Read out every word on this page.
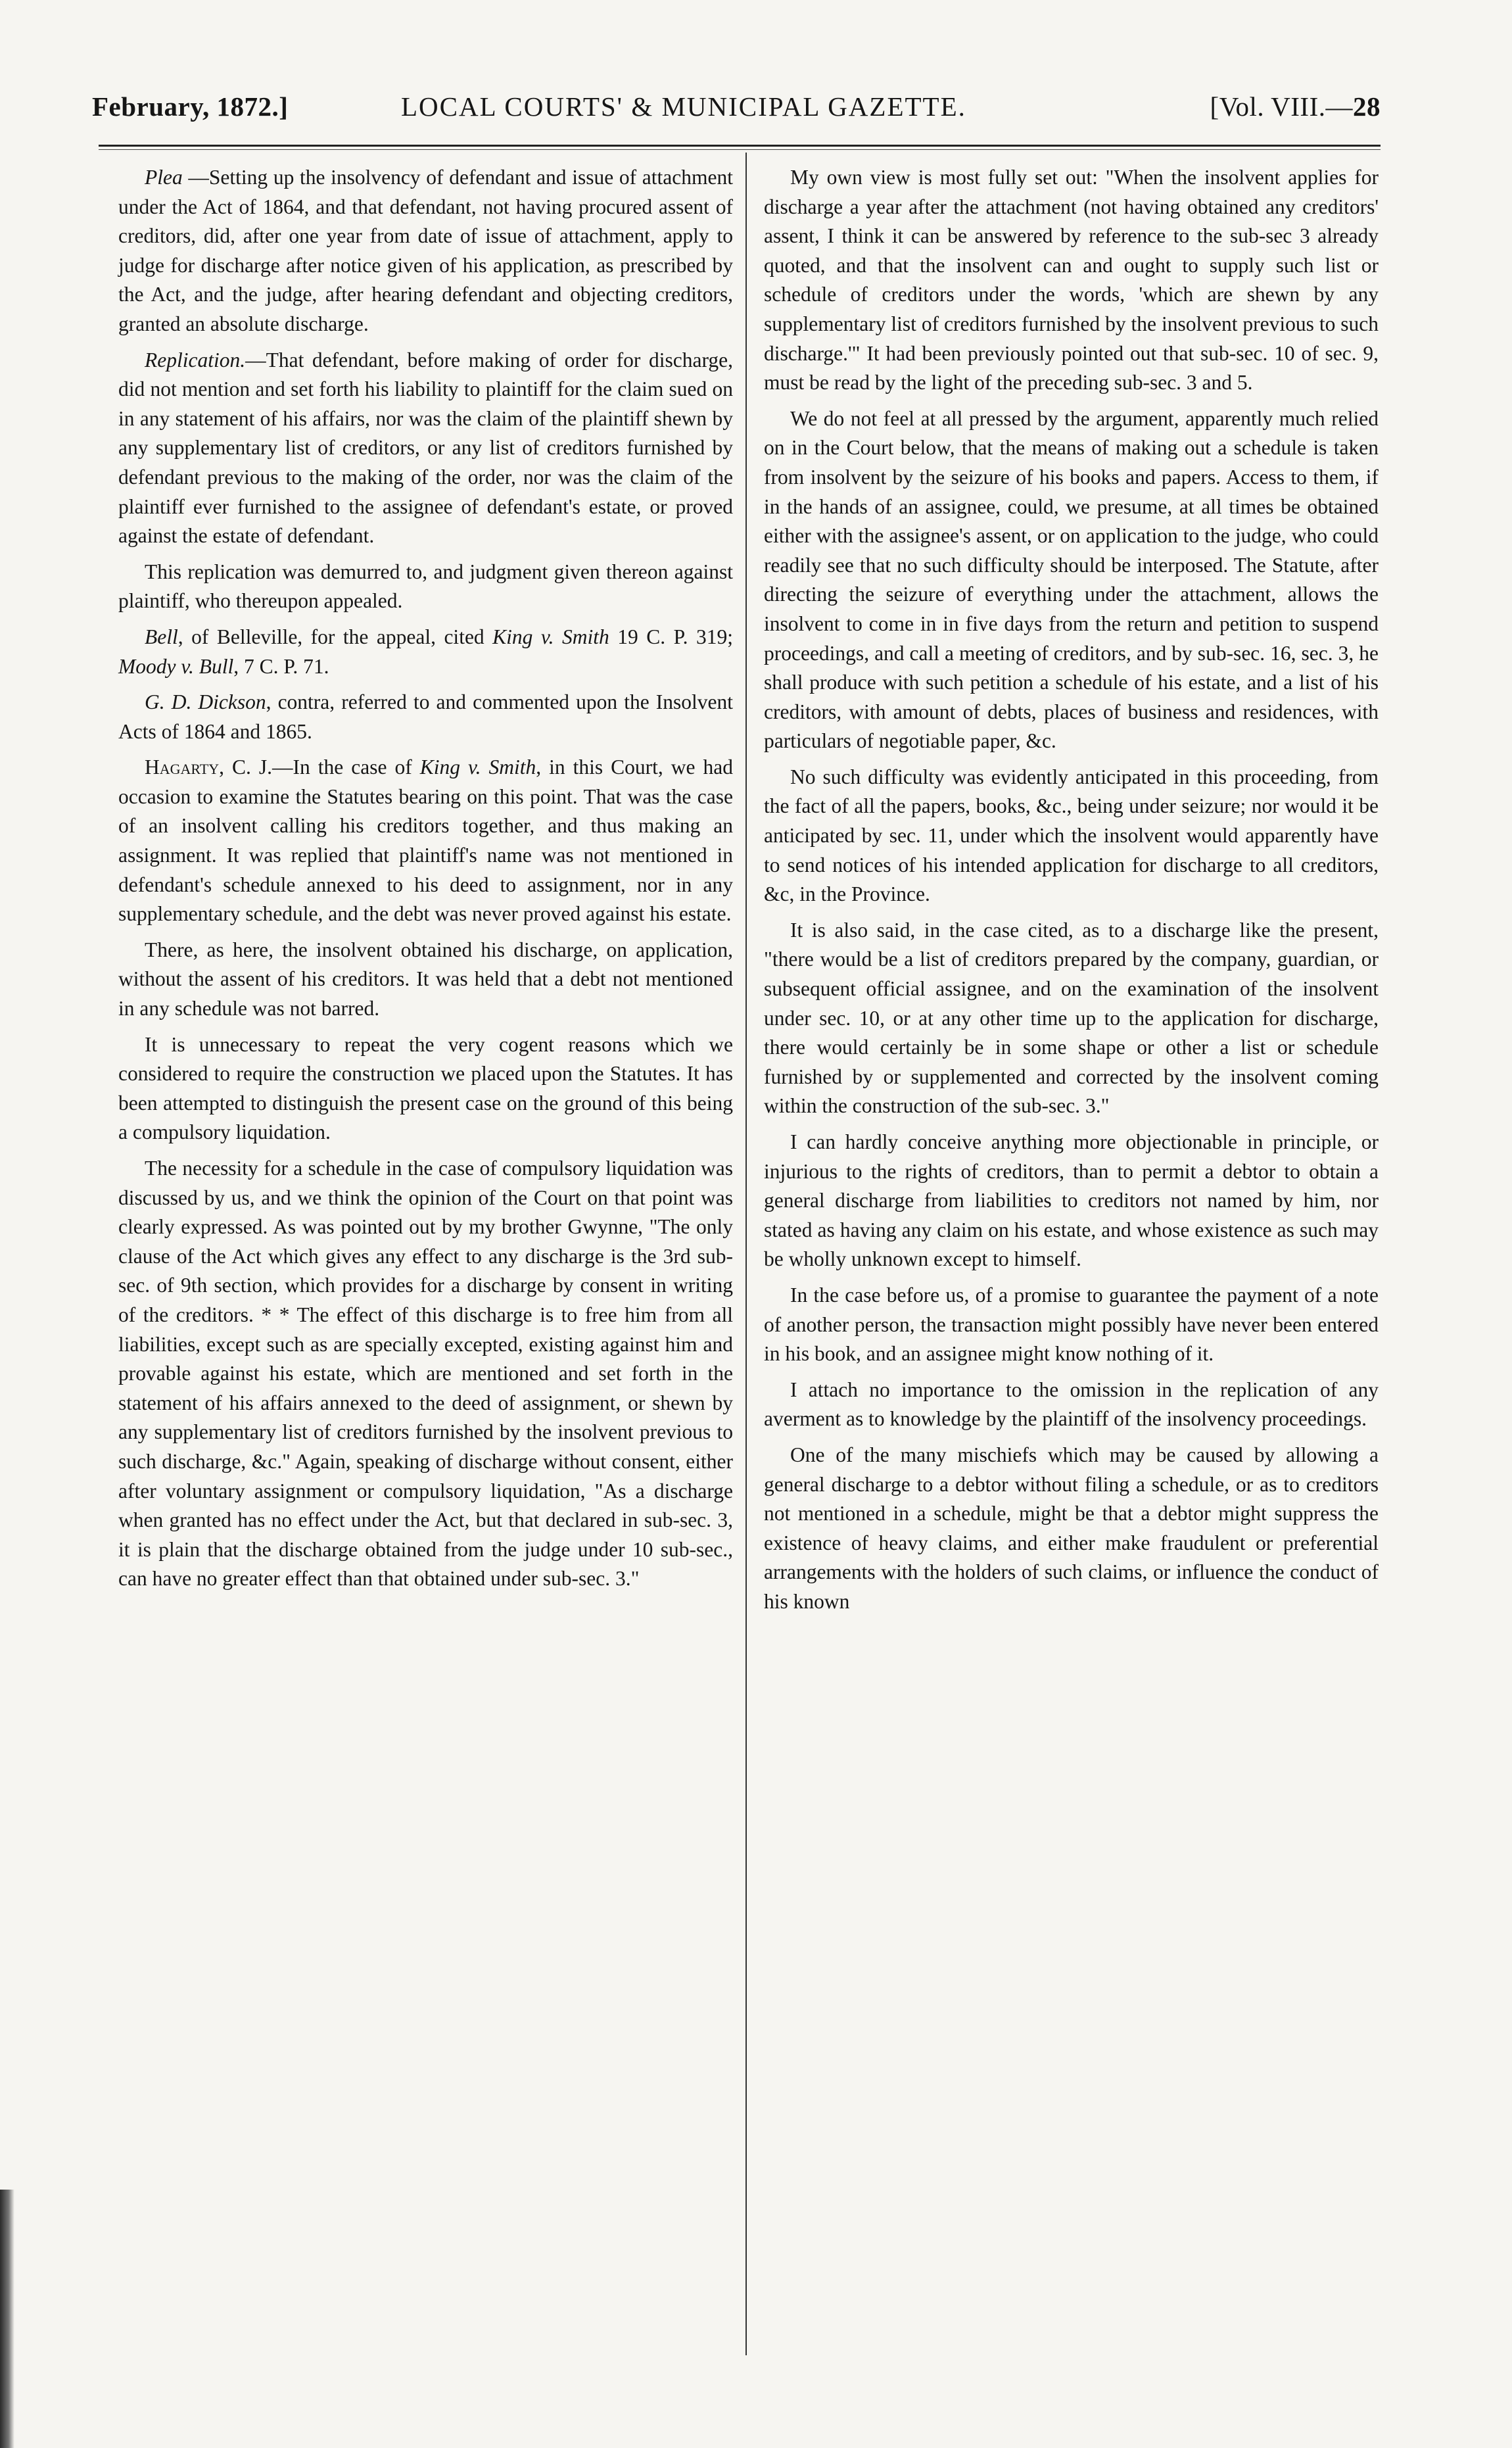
February, 1872.]	LOCAL COURTS' & MUNICIPAL GAZETTE.	[Vol. VIII.—28

Plea —Setting up the insolvency of defendant and issue of attachment under the Act of 1864, and that defendant, not having procured assent of creditors, did, after one year from date of issue of attachment, apply to judge for discharge after notice given of his application, as prescribed by the Act, and the judge, after hearing defendant and objecting creditors, granted an absolute discharge.

Replication.—That defendant, before making of order for discharge, did not mention and set forth his liability to plaintiff for the claim sued on in any statement of his affairs, nor was the claim of the plaintiff shewn by any supplementary list of creditors, or any list of creditors furnished by defendant previous to the making of the order, nor was the claim of the plaintiff ever furnished to the assignee of defendant's estate, or proved against the estate of defendant.

This replication was demurred to, and judgment given thereon against plaintiff, who thereupon appealed.

Bell, of Belleville, for the appeal, cited King v. Smith 19 C. P. 319; Moody v. Bull, 7 C. P. 71.

G. D. Dickson, contra, referred to and commented upon the Insolvent Acts of 1864 and 1865.

Hagarty, C. J.—In the case of King v. Smith, in this Court, we had occasion to examine the Statutes bearing on this point. That was the case of an insolvent calling his creditors together, and thus making an assignment. It was replied that plaintiff's name was not mentioned in defendant's schedule annexed to his deed to assignment, nor in any supplementary schedule, and the debt was never proved against his estate.

There, as here, the insolvent obtained his discharge, on application, without the assent of his creditors. It was held that a debt not mentioned in any schedule was not barred.

It is unnecessary to repeat the very cogent reasons which we considered to require the construction we placed upon the Statutes. It has been attempted to distinguish the present case on the ground of this being a compulsory liquidation.

The necessity for a schedule in the case of compulsory liquidation was discussed by us, and we think the opinion of the Court on that point was clearly expressed. As was pointed out by my brother Gwynne, "The only clause of the Act which gives any effect to any discharge is the 3rd sub-sec. of 9th section, which provides for a discharge by consent in writing of the creditors. * * The effect of this discharge is to free him from all liabilities, except such as are specially excepted, existing against him and provable against his estate, which are mentioned and set forth in the statement of his affairs annexed to the deed of assignment, or shewn by any supplementary list of creditors furnished by the insolvent previous to such discharge, &c." Again, speaking of discharge without consent, either after voluntary assignment or compulsory liquidation, "As a discharge when granted has no effect under the Act, but that declared in sub-sec. 3, it is plain that the discharge obtained from the judge under 10 sub-sec., can have no greater effect than that obtained under sub-sec. 3."

My own view is most fully set out: "When the insolvent applies for discharge a year after the attachment (not having obtained any creditors' assent, I think it can be answered by reference to the sub-sec 3 already quoted, and that the insolvent can and ought to supply such list or schedule of creditors under the words, 'which are shewn by any supplementary list of creditors furnished by the insolvent previous to such discharge.'" It had been previously pointed out that sub-sec. 10 of sec. 9, must be read by the light of the preceding sub-sec. 3 and 5.

We do not feel at all pressed by the argument, apparently much relied on in the Court below, that the means of making out a schedule is taken from insolvent by the seizure of his books and papers. Access to them, if in the hands of an assignee, could, we presume, at all times be obtained either with the assignee's assent, or on application to the judge, who could readily see that no such difficulty should be interposed. The Statute, after directing the seizure of everything under the attachment, allows the insolvent to come in in five days from the return and petition to suspend proceedings, and call a meeting of creditors, and by sub-sec. 16, sec. 3, he shall produce with such petition a schedule of his estate, and a list of his creditors, with amount of debts, places of business and residences, with particulars of negotiable paper, &c.

No such difficulty was evidently anticipated in this proceeding, from the fact of all the papers, books, &c., being under seizure; nor would it be anticipated by sec. 11, under which the insolvent would apparently have to send notices of his intended application for discharge to all creditors, &c, in the Province.

It is also said, in the case cited, as to a discharge like the present, "there would be a list of creditors prepared by the company, guardian, or subsequent official assignee, and on the examination of the insolvent under sec. 10, or at any other time up to the application for discharge, there would certainly be in some shape or other a list or schedule furnished by or supplemented and corrected by the insolvent coming within the construction of the sub-sec. 3."

I can hardly conceive anything more objectionable in principle, or injurious to the rights of creditors, than to permit a debtor to obtain a general discharge from liabilities to creditors not named by him, nor stated as having any claim on his estate, and whose existence as such may be wholly unknown except to himself.

In the case before us, of a promise to guarantee the payment of a note of another person, the transaction might possibly have never been entered in his book, and an assignee might know nothing of it.

I attach no importance to the omission in the replication of any averment as to knowledge by the plaintiff of the insolvency proceedings.

One of the many mischiefs which may be caused by allowing a general discharge to a debtor without filing a schedule, or as to creditors not mentioned in a schedule, might be that a debtor might suppress the existence of heavy claims, and either make fraudulent or preferential arrangements with the holders of such claims, or influence the conduct of his known
